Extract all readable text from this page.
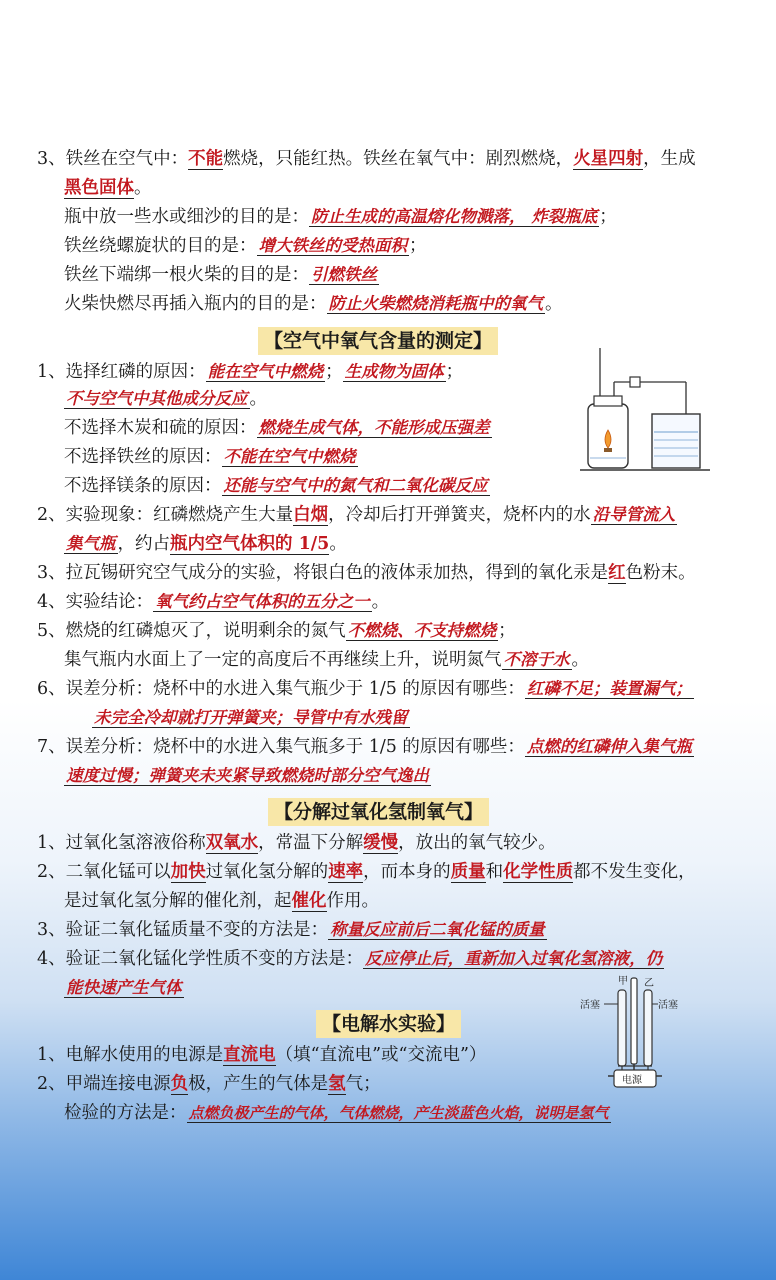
3、铁丝在空气中：不能燃烧，只能红热。铁丝在氧气中：剧烈燃烧，火星四射，生成
黑色固体。
瓶中放一些水或细沙的目的是： 防止生成的高温熔化物溅落， 炸裂瓶底 ；
铁丝绕螺旋状的目的是： 增大铁丝的受热面积 ；
铁丝下端绑一根火柴的目的是： 引燃铁丝
火柴快燃尽再插入瓶内的目的是： 防止火柴燃烧消耗瓶中的氧气 。
【空气中氧气含量的测定】
1、选择红磷的原因： 能在空气中燃烧 ； 生成物为固体 ；
不与空气中其他成分反应 。
不选择木炭和硫的原因： 燃烧生成气体，不能形成压强差
不选择铁丝的原因： 不能在空气中燃烧
不选择镁条的原因： 还能与空气中的氮气和二氧化碳反应
2、实验现象：红磷燃烧产生大量白烟，冷却后打开弹簧夹，烧杯内的水 沿导管流入
集气瓶 ，约占瓶内空气体积的 1/5。
3、拉瓦锡研究空气成分的实验，将银白色的液体汞加热，得到的氧化汞是红色粉末。
4、实验结论： 氧气约占空气体积的五分之一 。
5、燃烧的红磷熄灭了，说明剩余的氮气 不燃烧、不支持燃烧 ；
集气瓶内水面上了一定的高度后不再继续上升，说明氮气 不溶于水 。
6、误差分析：烧杯中的水进入集气瓶少于 1/5 的原因有哪些： 红磷不足；装置漏气；
未完全冷却就打开弹簧夹；导管中有水残留
7、误差分析：烧杯中的水进入集气瓶多于 1/5 的原因有哪些： 点燃的红磷伸入集气瓶
速度过慢；弹簧夹未夹紧导致燃烧时部分空气逸出
【分解过氧化氢制氧气】
1、过氧化氢溶液俗称双氧水，常温下分解缓慢，放出的氧气较少。
2、二氧化锰可以加快过氧化氢分解的速率，而本身的质量和化学性质都不发生变化，
是过氧化氢分解的催化剂，起催化作用。
3、验证二氧化锰质量不变的方法是： 称量反应前后二氧化锰的质量
4、验证二氧化锰化学性质不变的方法是： 反应停止后，重新加入过氧化氢溶液，仍
能快速产生气体
【电解水实验】
甲 乙
活塞	活塞
电源
1、电解水使用的电源是直流电（填“直流电”或“交流电”）
2、甲端连接电源负极，产生的气体是氢气；
检验的方法是： 点燃负极产生的气体，气体燃烧，产生淡蓝色火焰，说明是氢气
